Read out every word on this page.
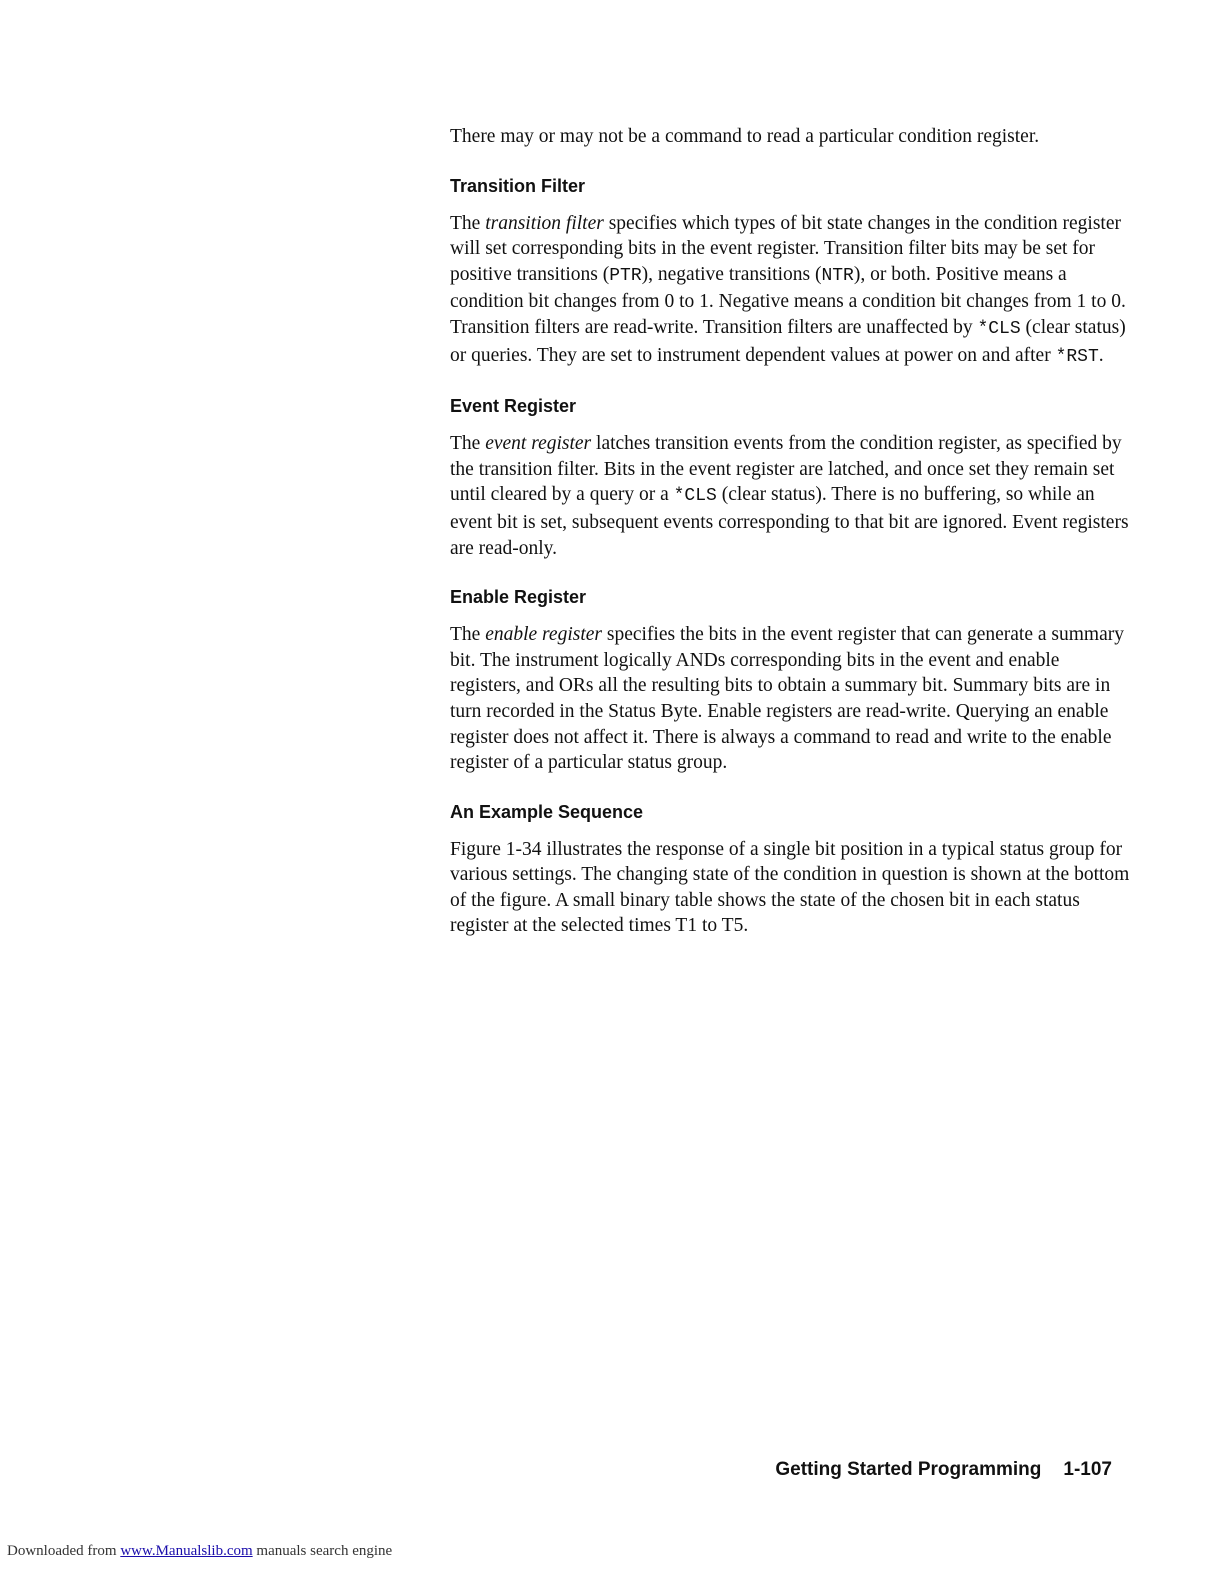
There may or may not be a command to read a particular condition register.

Transition Filter

The transition filter specifies which types of bit state changes in the condition register will set corresponding bits in the event register. Transition filter bits may be set for positive transitions (PTR), negative transitions (NTR), or both. Positive means a condition bit changes from 0 to 1. Negative means a condition bit changes from 1 to 0. Transition filters are read-write. Transition filters are unaffected by *CLS (clear status) or queries. They are set to instrument dependent values at power on and after *RST.

Event Register

The event register latches transition events from the condition register, as specified by the transition filter. Bits in the event register are latched, and once set they remain set until cleared by a query or a *CLS (clear status). There is no buffering, so while an event bit is set, subsequent events corresponding to that bit are ignored. Event registers are read-only.

Enable Register

The enable register specifies the bits in the event register that can generate a summary bit. The instrument logically ANDs corresponding bits in the event and enable registers, and ORs all the resulting bits to obtain a summary bit. Summary bits are in turn recorded in the Status Byte. Enable registers are read-write. Querying an enable register does not affect it. There is always a command to read and write to the enable register of a particular status group.

An Example Sequence

Figure 1-34 illustrates the response of a single bit position in a typical status group for various settings. The changing state of the condition in question is shown at the bottom of the figure. A small binary table shows the state of the chosen bit in each status register at the selected times T1 to T5.

Getting Started Programming 1-107
Downloaded from www.Manualslib.com manuals search engine
